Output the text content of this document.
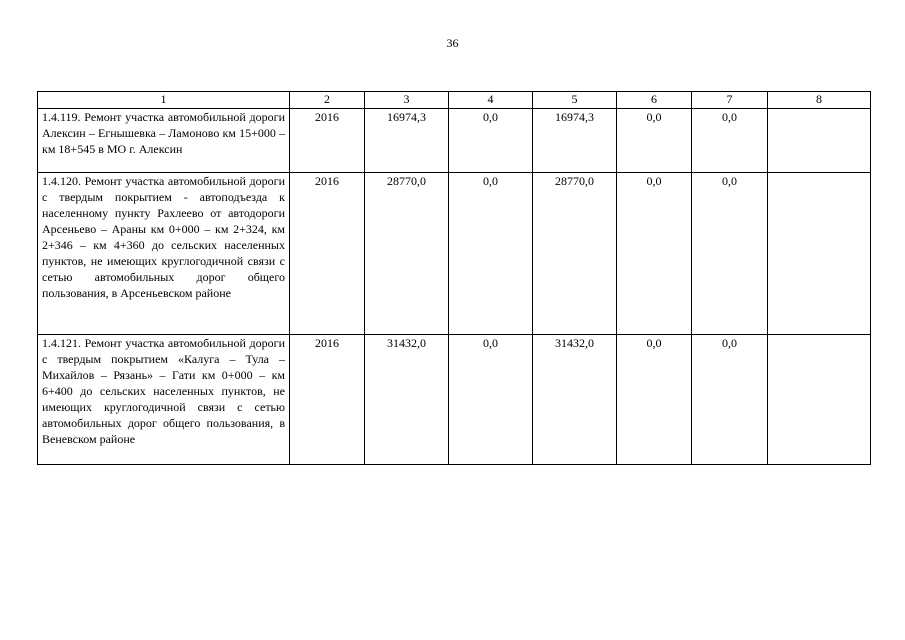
36
1	2	3	4	5	6	7	8
1.4.119. Ремонт участка автомобильной дороги Алексин – Егнышевка – Ламоново км 15+000 – км 18+545 в МО г. Алексин	2016	16974,3	0,0	16974,3	0,0	0,0	
1.4.120. Ремонт участка автомобильной дороги с твердым покрытием - автоподъезда к населенному пункту Рахлеево от автодороги Арсеньево – Араны км 0+000 – км 2+324, км 2+346 – км 4+360 до сельских населенных пунктов, не имеющих круглогодичной связи с сетью автомобильных дорог общего пользования, в Арсеньевском районе	2016	28770,0	0,0	28770,0	0,0	0,0	
1.4.121. Ремонт участка автомобильной дороги с твердым покрытием «Калуга – Тула – Михайлов – Рязань» – Гати км 0+000 – км 6+400 до сельских населенных пунктов, не имеющих круглогодичной связи с сетью автомобильных дорог общего пользования, в Веневском районе	2016	31432,0	0,0	31432,0	0,0	0,0	
